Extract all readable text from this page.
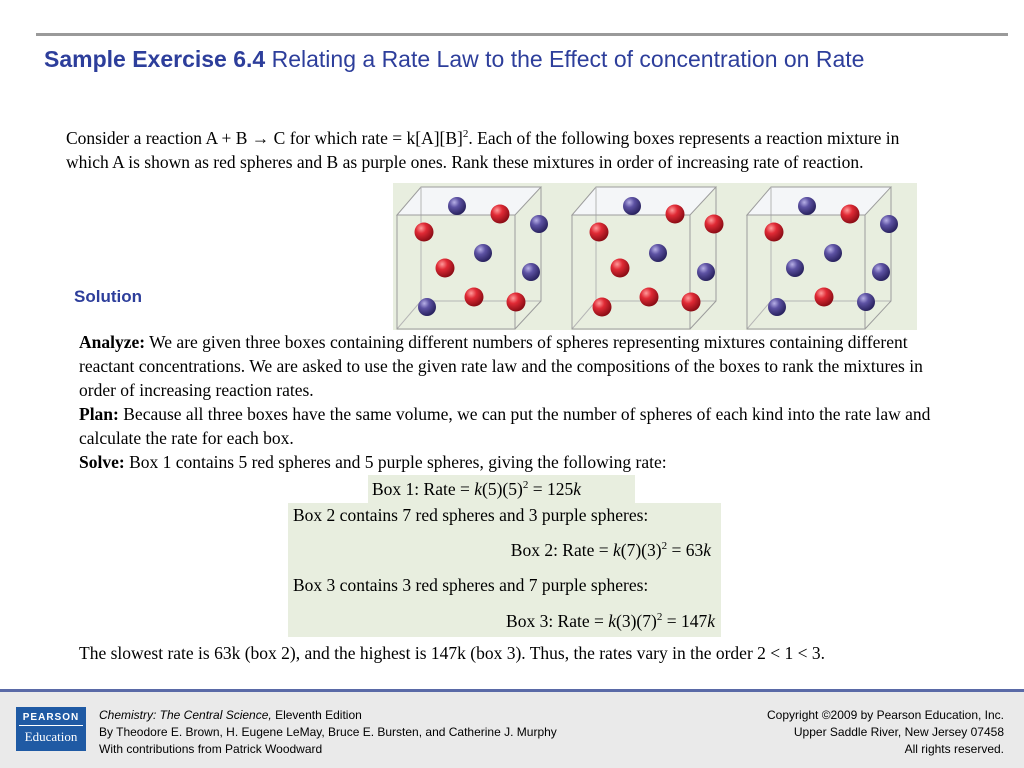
Sample Exercise 6.4 Relating a Rate Law to the Effect of concentration on Rate
Consider a reaction A + B → C for which rate = $k[A][B]^2$. Each of the following boxes represents a reaction mixture in which A is shown as red spheres and B as purple ones. Rank these mixtures in order of increasing rate of reaction.
Solution
Analyze: We are given three boxes containing different numbers of spheres representing mixtures containing different reactant concentrations. We are asked to use the given rate law and the compositions of the boxes to rank the mixtures in order of increasing reaction rates.
Plan: Because all three boxes have the same volume, we can put the number of spheres of each kind into the rate law and calculate the rate for each box.
Solve: Box 1 contains 5 red spheres and 5 purple spheres, giving the following rate:
Box 1: Rate = $k(5)(5)^2 = 125k$
Box 2 contains 7 red spheres and 3 purple spheres:
Box 2: Rate = $k(7)(3)^2 = 63k$
Box 3 contains 3 red spheres and 7 purple spheres:
Box 3: Rate = $k(3)(7)^2 = 147k$
The slowest rate is 63k (box 2), and the highest is 147k (box 3). Thus, the rates vary in the order 2 < 1 < 3.
PEARSON
Education
Chemistry: The Central Science, Eleventh Edition
By Theodore E. Brown, H. Eugene LeMay, Bruce E. Bursten, and Catherine J. Murphy
With contributions from Patrick Woodward
Copyright ©2009 by Pearson Education, Inc.
Upper Saddle River, New Jersey 07458
All rights reserved.
